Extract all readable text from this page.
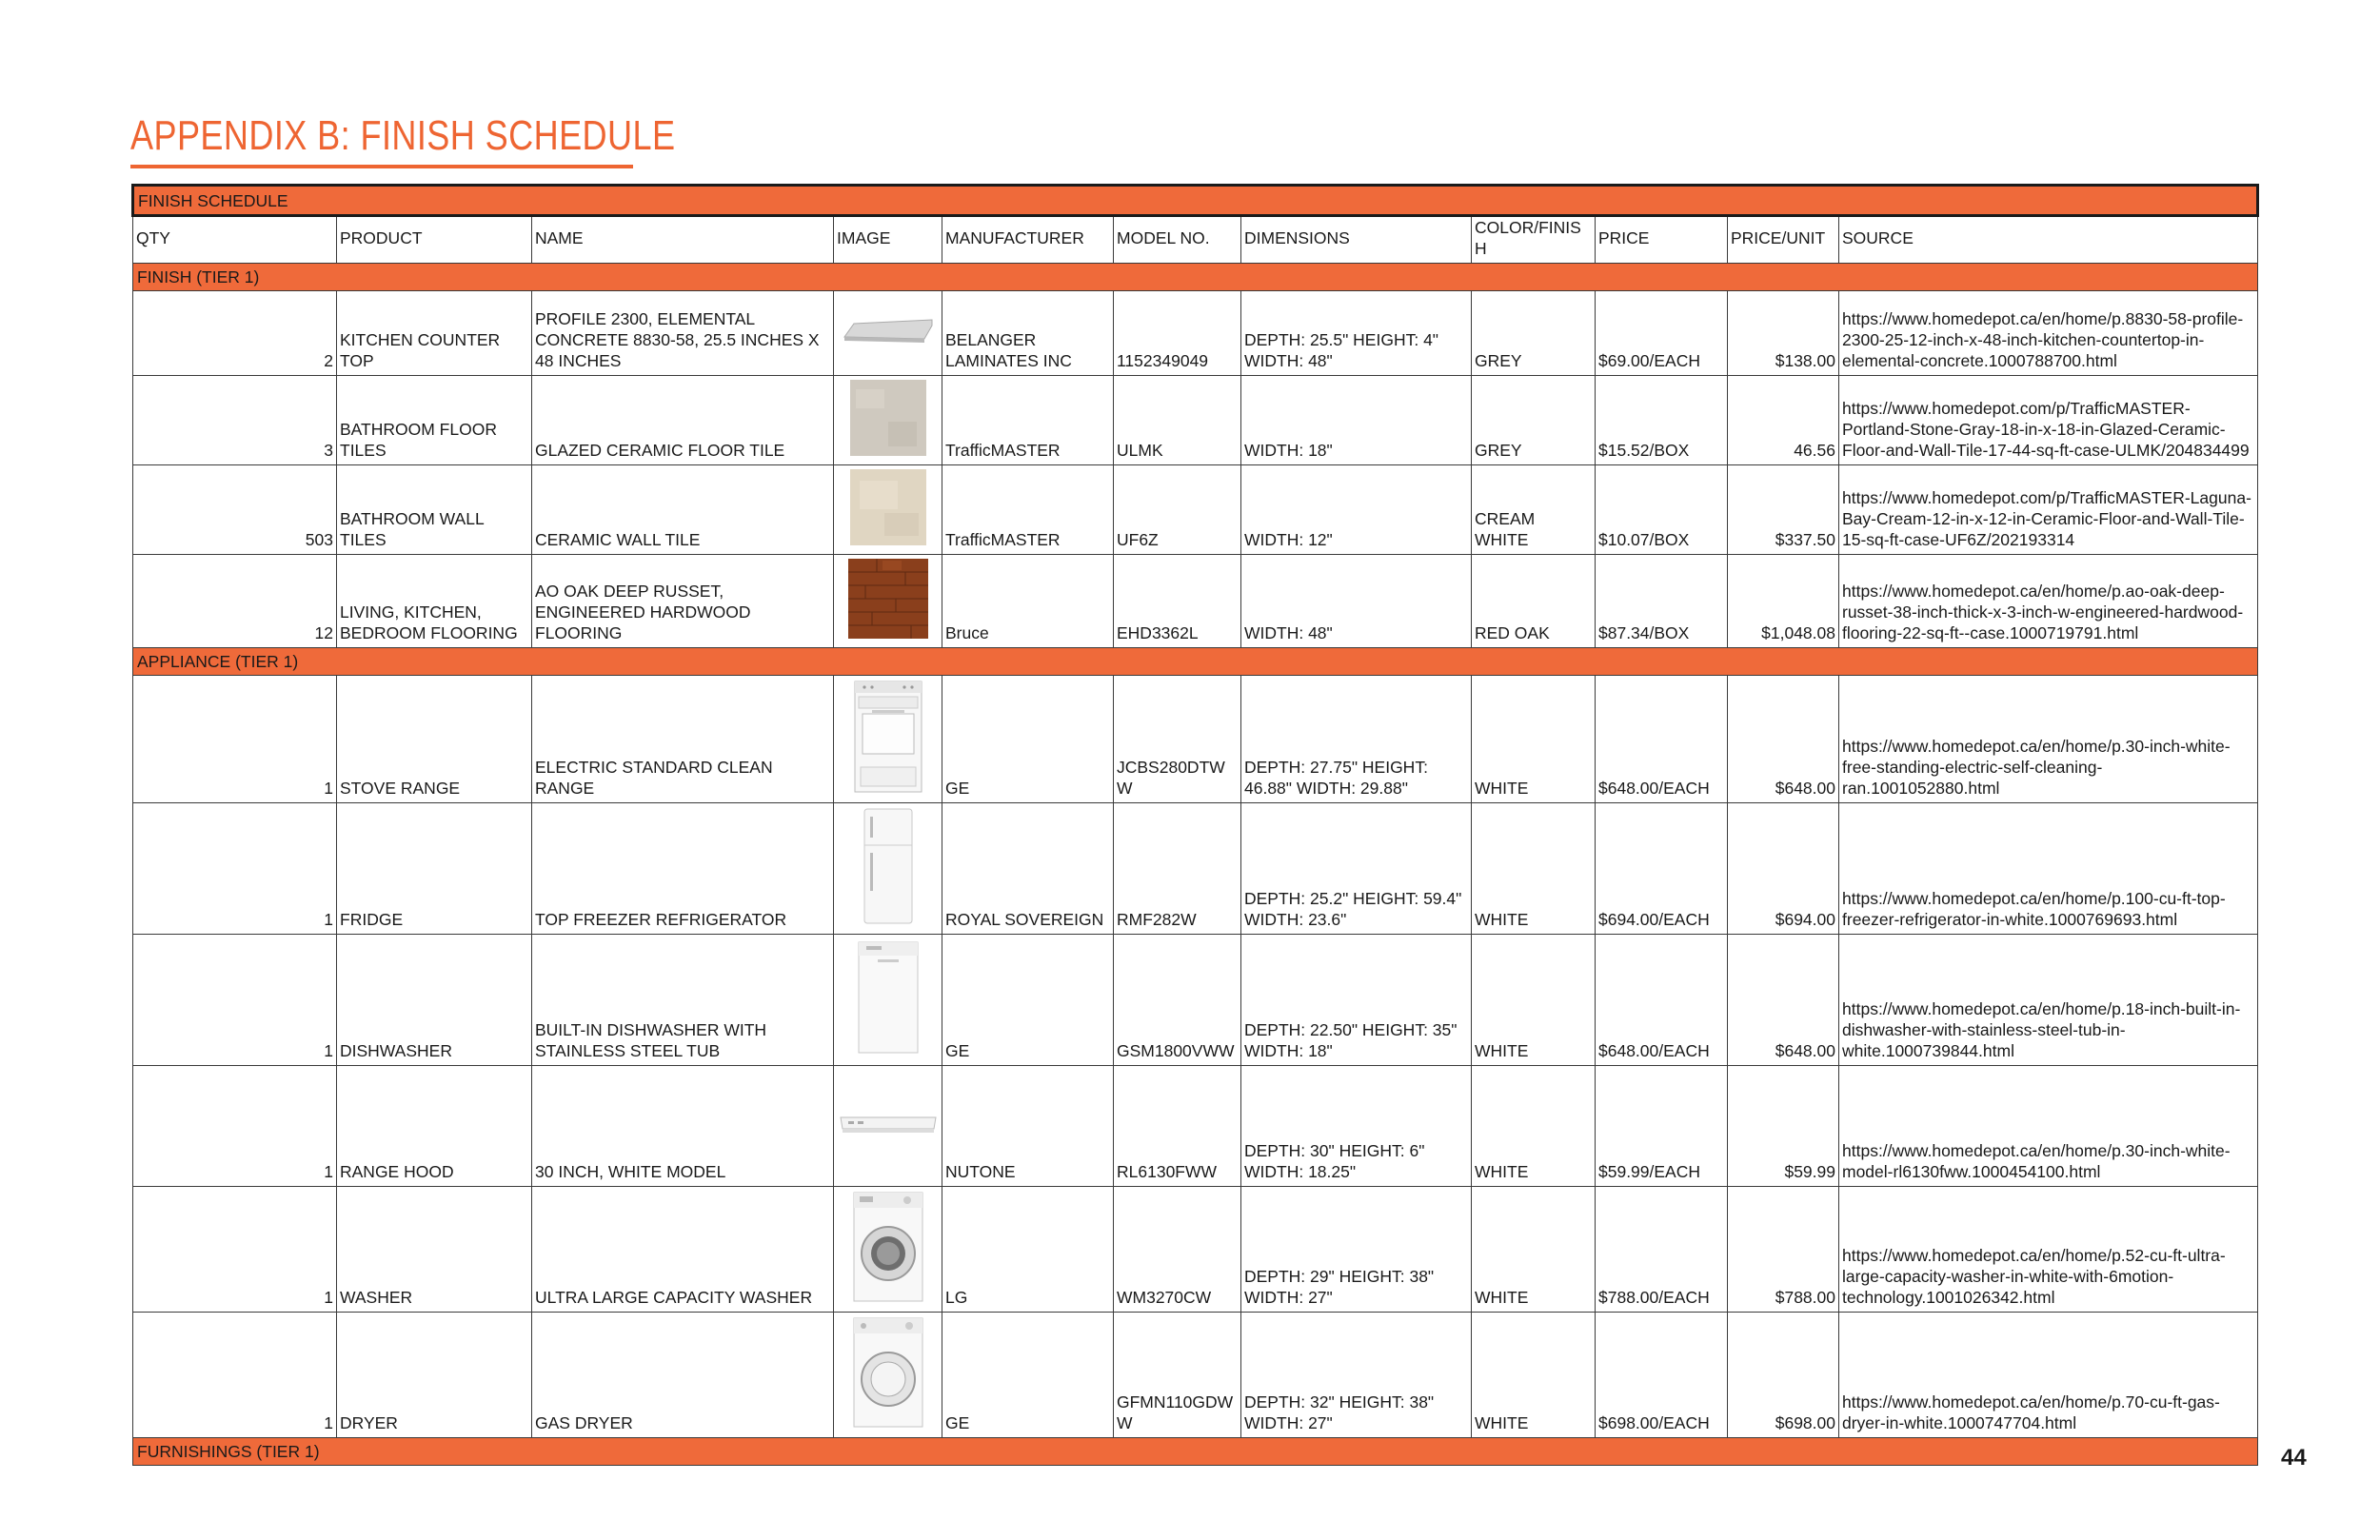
APPENDIX B: FINISH SCHEDULE
FINISH SCHEDULE										
QTY	PRODUCT	NAME	IMAGE	MANUFACTURER	MODEL NO.	DIMENSIONS	COLOR/FINISH	PRICE	PRICE/UNIT	SOURCE
FINISH (TIER 1)										
2	KITCHEN COUNTER TOP	PROFILE 2300, ELEMENTAL CONCRETE 8830-58, 25.5 INCHES X 48 INCHES		BELANGER LAMINATES INC	1152349049	DEPTH: 25.5" HEIGHT: 4" WIDTH: 48"	GREY	$69.00/EACH	$138.00	https://www.homedepot.ca/en/home/p.8830-58-profile-2300-25-12-inch-x-48-inch-kitchen-countertop-in-elemental-concrete.1000788700.html
3	BATHROOM FLOOR TILES	GLAZED CERAMIC FLOOR TILE		TrafficMASTER	ULMK	WIDTH: 18"	GREY	$15.52/BOX	46.56	https://www.homedepot.com/p/TrafficMASTER-Portland-Stone-Gray-18-in-x-18-in-Glazed-Ceramic-Floor-and-Wall-Tile-17-44-sq-ft-case-ULMK/204834499
503	BATHROOM WALL TILES	CERAMIC WALL TILE		TrafficMASTER	UF6Z	WIDTH: 12"	CREAM WHITE	$10.07/BOX	$337.50	https://www.homedepot.com/p/TrafficMASTER-Laguna-Bay-Cream-12-in-x-12-in-Ceramic-Floor-and-Wall-Tile-15-sq-ft-case-UF6Z/202193314
12	LIVING, KITCHEN, BEDROOM FLOORING	AO OAK DEEP RUSSET, ENGINEERED HARDWOOD FLOORING		Bruce	EHD3362L	WIDTH: 48"	RED OAK	$87.34/BOX	$1,048.08	https://www.homedepot.ca/en/home/p.ao-oak-deep-russet-38-inch-thick-x-3-inch-w-engineered-hardwood-flooring-22-sq-ft--case.1000719791.html
APPLIANCE (TIER 1)										
1	STOVE RANGE	ELECTRIC STANDARD CLEAN RANGE		GE	JCBS280DTWW	DEPTH: 27.75" HEIGHT: 46.88" WIDTH: 29.88"	WHITE	$648.00/EACH	$648.00	https://www.homedepot.ca/en/home/p.30-inch-white-free-standing-electric-self-cleaning-ran.1001052880.html
1	FRIDGE	TOP FREEZER REFRIGERATOR		ROYAL SOVEREIGN	RMF282W	DEPTH: 25.2" HEIGHT: 59.4" WIDTH: 23.6"	WHITE	$694.00/EACH	$694.00	https://www.homedepot.ca/en/home/p.100-cu-ft-top-freezer-refrigerator-in-white.1000769693.html
1	DISHWASHER	BUILT-IN DISHWASHER WITH STAINLESS STEEL TUB		GE	GSM1800VWW	DEPTH: 22.50" HEIGHT: 35" WIDTH: 18"	WHITE	$648.00/EACH	$648.00	https://www.homedepot.ca/en/home/p.18-inch-built-in-dishwasher-with-stainless-steel-tub-in-white.1000739844.html
1	RANGE HOOD	30 INCH, WHITE MODEL		NUTONE	RL6130FWW	DEPTH: 30" HEIGHT: 6" WIDTH: 18.25"	WHITE	$59.99/EACH	$59.99	https://www.homedepot.ca/en/home/p.30-inch-white-model-rl6130fww.1000454100.html
1	WASHER	ULTRA LARGE CAPACITY WASHER		LG	WM3270CW	DEPTH: 29" HEIGHT: 38" WIDTH: 27"	WHITE	$788.00/EACH	$788.00	https://www.homedepot.ca/en/home/p.52-cu-ft-ultra-large-capacity-washer-in-white-with-6motion-technology.1001026342.html
1	DRYER	GAS DRYER		GE	GFMN110GDWW	DEPTH: 32" HEIGHT: 38" WIDTH: 27"	WHITE	$698.00/EACH	$698.00	https://www.homedepot.ca/en/home/p.70-cu-ft-gas-dryer-in-white.1000747704.html
FURNISHINGS (TIER 1)											44
